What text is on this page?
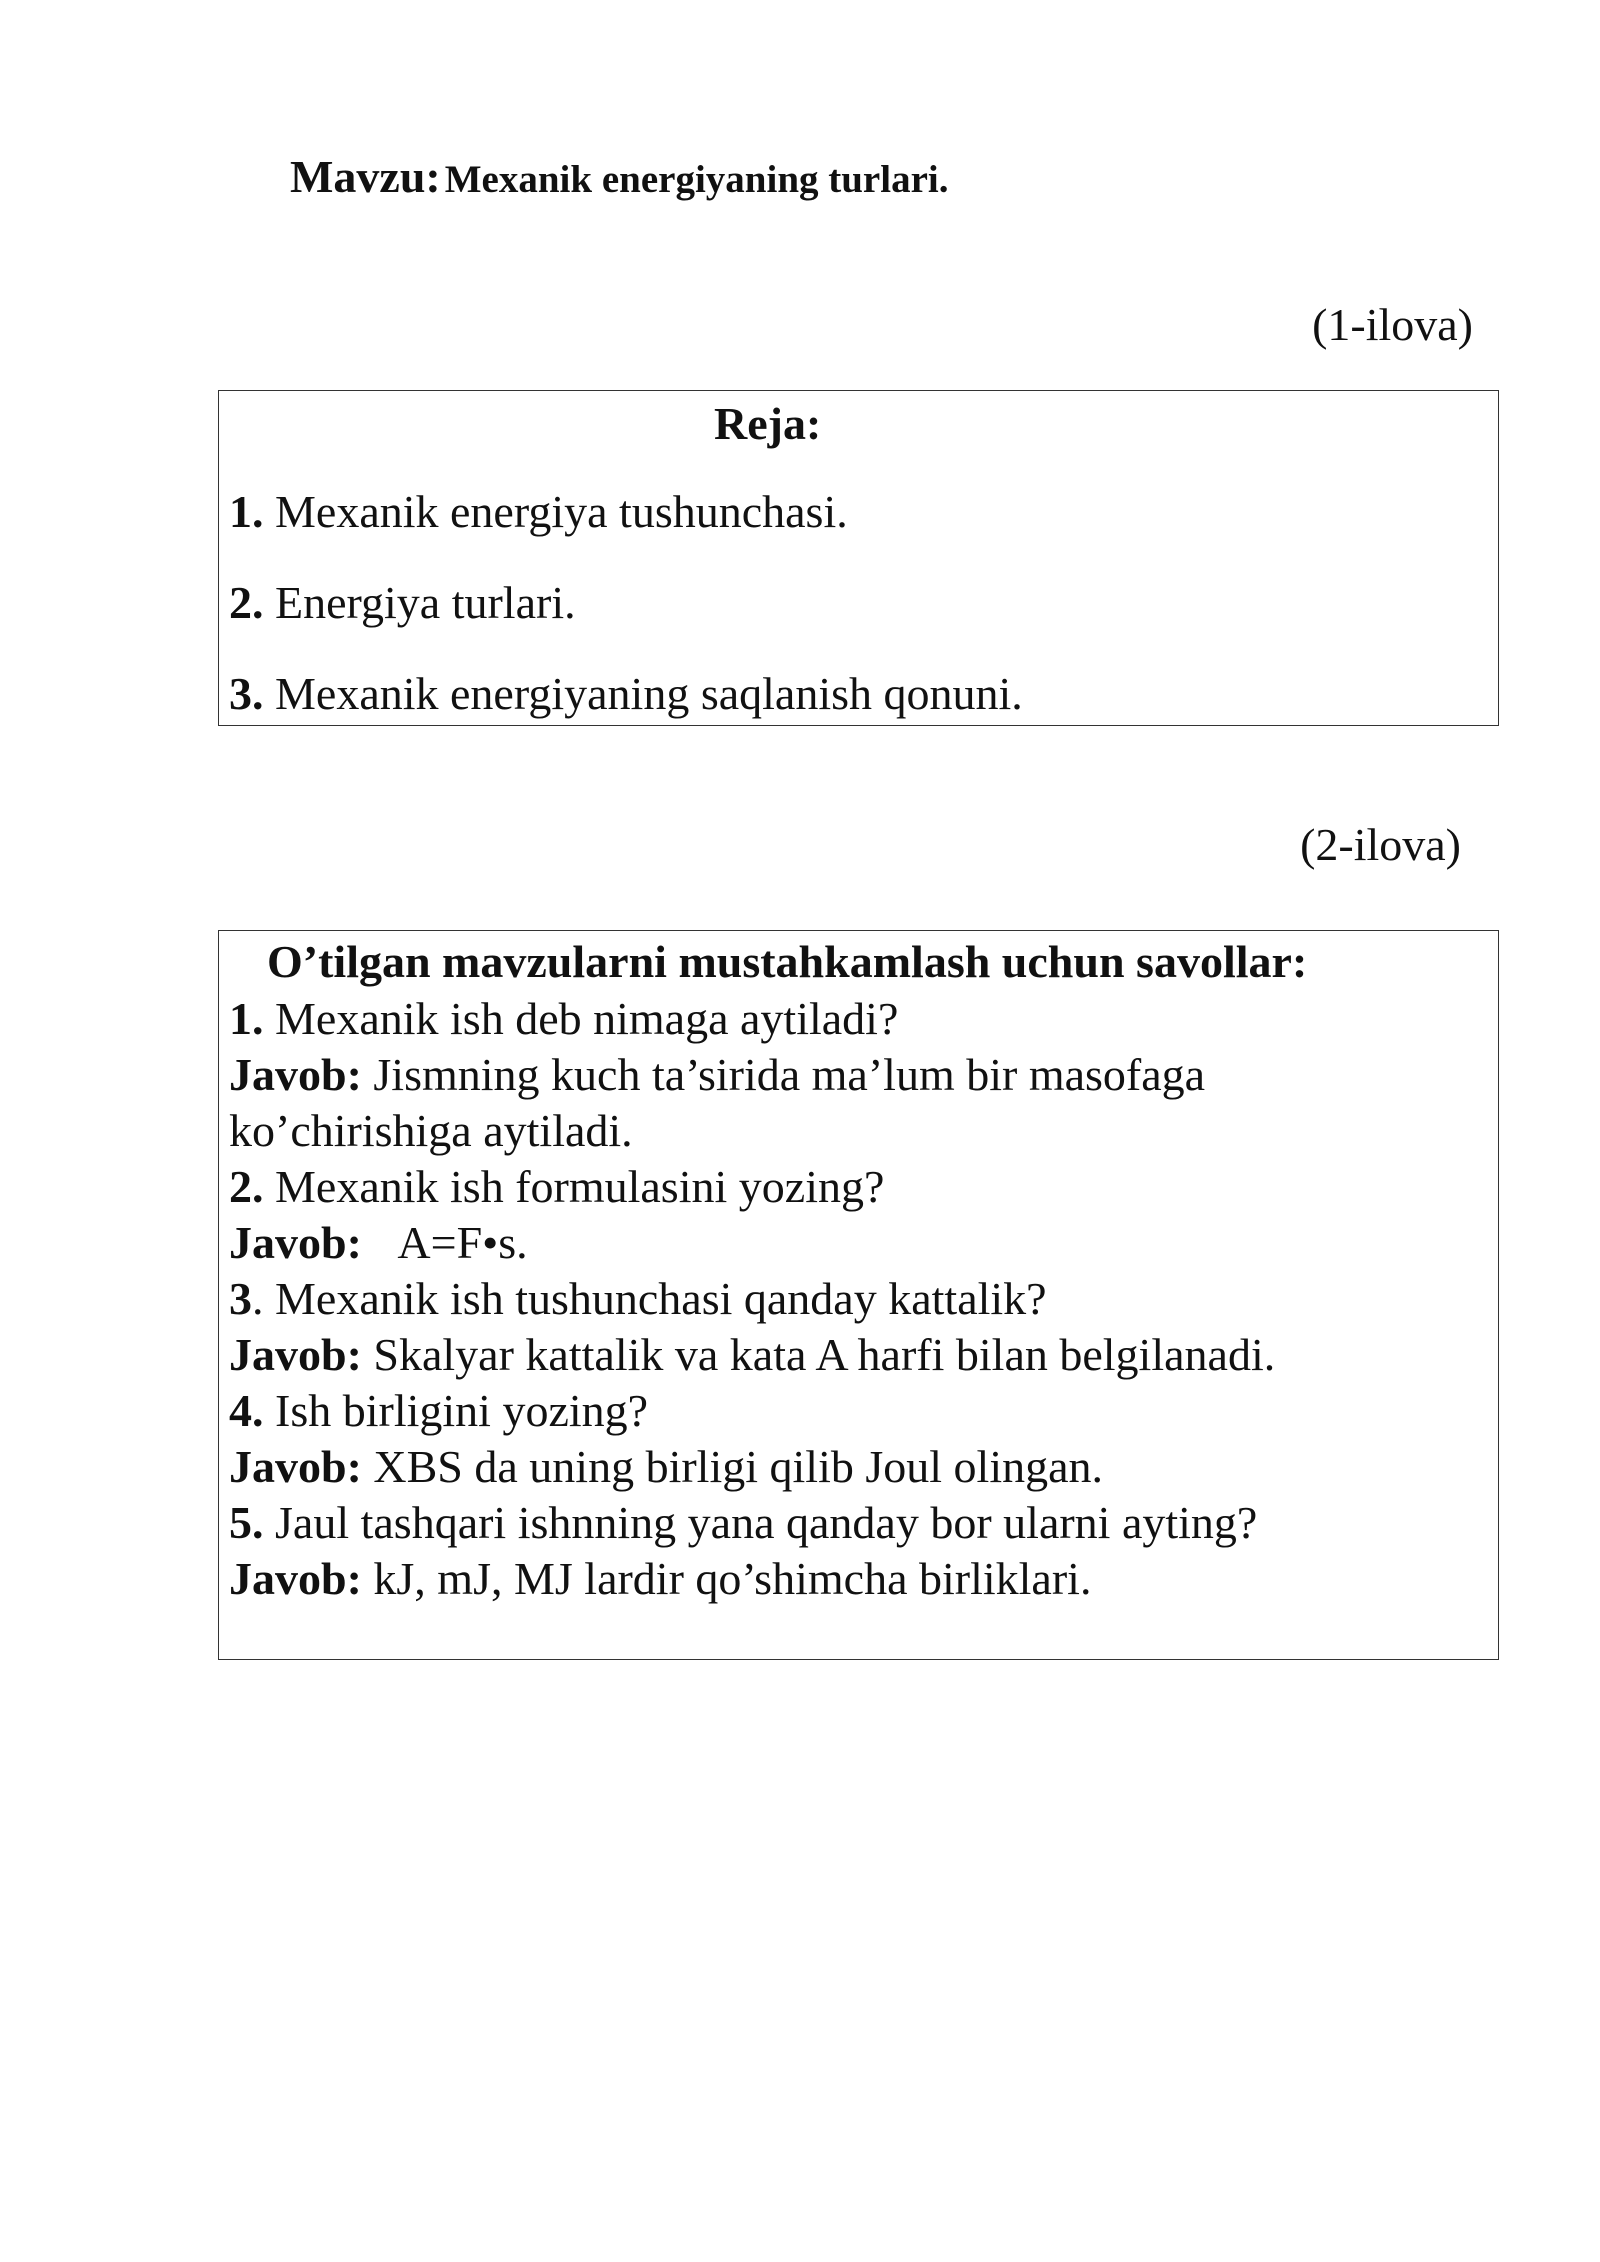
Mavzu: Mexanik energiyaning turlari.
(1-ilova)
Reja:
1. Mexanik energiya tushunchasi.
2. Energiya turlari.
3. Mexanik energiyaning saqlanish qonuni.
(2-ilova)
O’tilgan mavzularni mustahkamlash uchun savollar:
1. Mexanik ish deb nimaga aytiladi?
Javob: Jismning kuch ta’sirida ma’lum bir masofaga
ko’chirishiga aytiladi.
2. Mexanik ish formulasini yozing?
Javob: A=F•s.
3. Mexanik ish tushunchasi qanday kattalik?
Javob: Skalyar kattalik va kata A harfi bilan belgilanadi.
4. Ish birligini yozing?
Javob: XBS da uning birligi qilib Joul olingan.
5. Jaul tashqari ishnning yana qanday bor ularni ayting?
Javob: kJ, mJ, MJ lardir qo’shimcha birliklari.
